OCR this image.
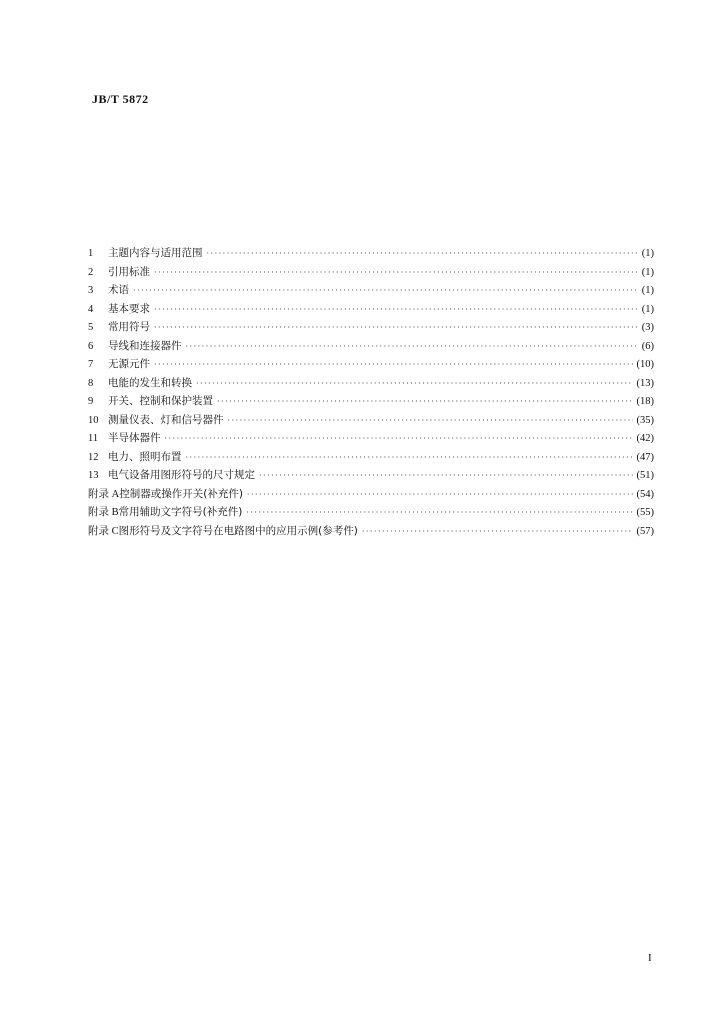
JB/T 5872
1	主题内容与适用范围 ·····	(1)
2	引用标准 ·····	(1)
3	术语 ·····	(1)
4	基本要求 ·····	(1)
5	常用符号 ·····	(3)
6	导线和连接器件 ·····	(6)
7	无源元件 ·····	(10)
8	电能的发生和转换 ·····	(13)
9	开关、控制和保护装置 ·····	(18)
10 测量仪表、灯和信号器件 ·····	(35)
11 半导体器件 ·····	(42)
12 电力、照明布置 ·····	(47)
13 电气设备用图形符号的尺寸规定 ·····	(51)
附录 A 控制器或操作开关(补充件) ·····	(54)
附录 B 常用辅助文字符号(补充件) ·····	(55)
附录 C 图形符号及文字符号在电路图中的应用示例(参考件) ·····	(57)
I
